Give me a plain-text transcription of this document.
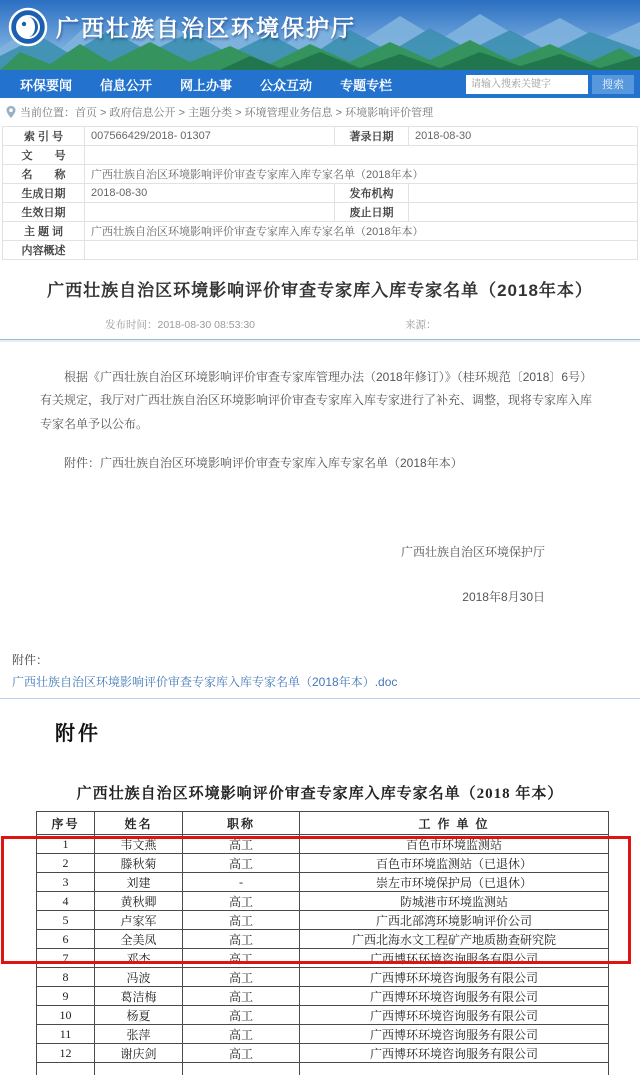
广西壮族自治区环境保护厅
环保要闻 信息公开 网上办事 公众互动 专题专栏
请输入搜索关键字	搜索
当前位置： 首页 > 政府信息公开 > 主题分类 > 环境管理业务信息 > 环境影响评价管理
索 引 号	007566429/2018- 01307	著录日期	2018-08-30
文　　号			
名　　称	广西壮族自治区环境影响评价审查专家库入库专家名单（2018年本）		
生成日期	2018-08-30	发布机构	
生效日期		废止日期	
主 题 词	广西壮族自治区环境影响评价审查专家库入库专家名单（2018年本）		
内容概述			
广西壮族自治区环境影响评价审查专家库入库专家名单（2018年本）
发布时间：2018-08-30 08:53:30	来源：

根据《广西壮族自治区环境影响评价审查专家库管理办法（2018年修订）》（桂环规范〔2018〕6号）有关规定，我厅对广西壮族自治区环境影响评价审查专家库入库专家进行了补充、调整，现将专家库入库专家名单予以公布。

附件：广西壮族自治区环境影响评价审查专家库入库专家名单（2018年本）

广西壮族自治区环境保护厅
2018年8月30日
附件：
广西壮族自治区环境影响评价审查专家库入库专家名单（2018年本）.doc
附件
广西壮族自治区环境影响评价审查专家库入库专家名单（2018 年本）
序号	姓名	职称	工 作 单 位
1	韦文燕	高工	百色市环境监测站
2	滕秋菊	高工	百色市环境监测站（已退休）
3	刘建	-	崇左市环境保护局（已退休）
4	黄秋卿	高工	防城港市环境监测站
5	卢家军	高工	广西北部湾环境影响评价公司
6	全美凤	高工	广西北海水文工程矿产地质勘查研究院
7	邓杰	高工	广西博环环境咨询服务有限公司
8	冯波	高工	广西博环环境咨询服务有限公司
9	葛洁梅	高工	广西博环环境咨询服务有限公司
10	杨夏	高工	广西博环环境咨询服务有限公司
11	张萍	高工	广西博环环境咨询服务有限公司
12	谢庆剑	高工	广西博环环境咨询服务有限公司
